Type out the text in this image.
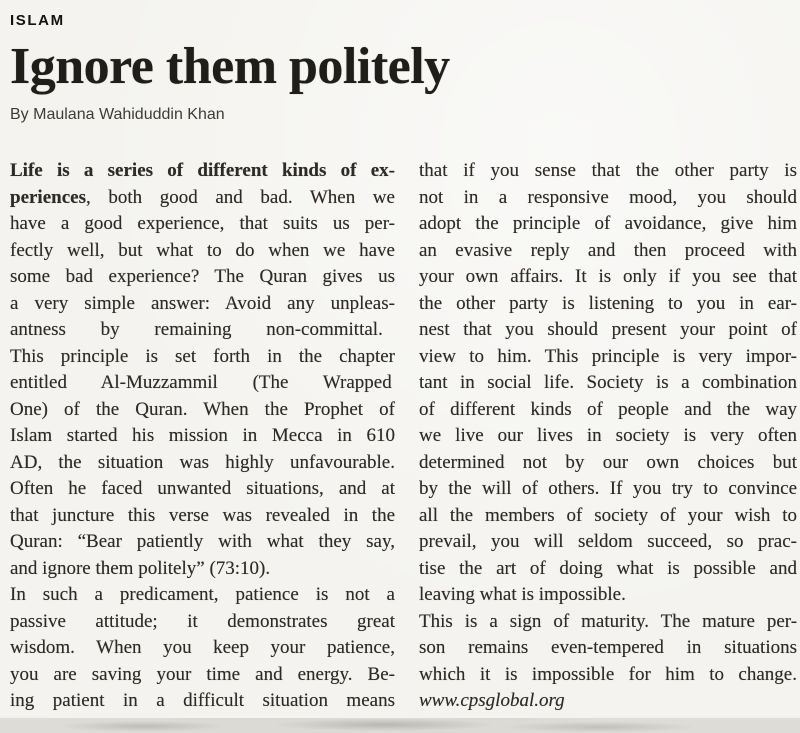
ISLAM
Ignore them politely
By Maulana Wahiduddin Khan
Life is a series of different kinds of ex-
periences, both good and bad. When we
have a good experience, that suits us per-
fectly well, but what to do when we have
some bad experience? The Quran gives us
a very simple answer: Avoid any unpleas-
antness by remaining non-committal.
This principle is set forth in the chapter
entitled Al-Muzzammil (The Wrapped
One) of the Quran. When the Prophet of
Islam started his mission in Mecca in 610
AD, the situation was highly unfavourable.
Often he faced unwanted situations, and at
that juncture this verse was revealed in the
Quran: “Bear patiently with what they say,
and ignore them politely” (73:10).
In such a predicament, patience is not a
passive attitude; it demonstrates great
wisdom. When you keep your patience,
you are saving your time and energy. Be-
ing patient in a difficult situation means
that if you sense that the other party is
not in a responsive mood, you should
adopt the principle of avoidance, give him
an evasive reply and then proceed with
your own affairs. It is only if you see that
the other party is listening to you in ear-
nest that you should present your point of
view to him. This principle is very impor-
tant in social life. Society is a combination
of different kinds of people and the way
we live our lives in society is very often
determined not by our own choices but
by the will of others. If you try to convince
all the members of society of your wish to
prevail, you will seldom succeed, so prac-
tise the art of doing what is possible and
leaving what is impossible.
This is a sign of maturity. The mature per-
son remains even-tempered in situations
which it is impossible for him to change.
www.cpsglobal.org
